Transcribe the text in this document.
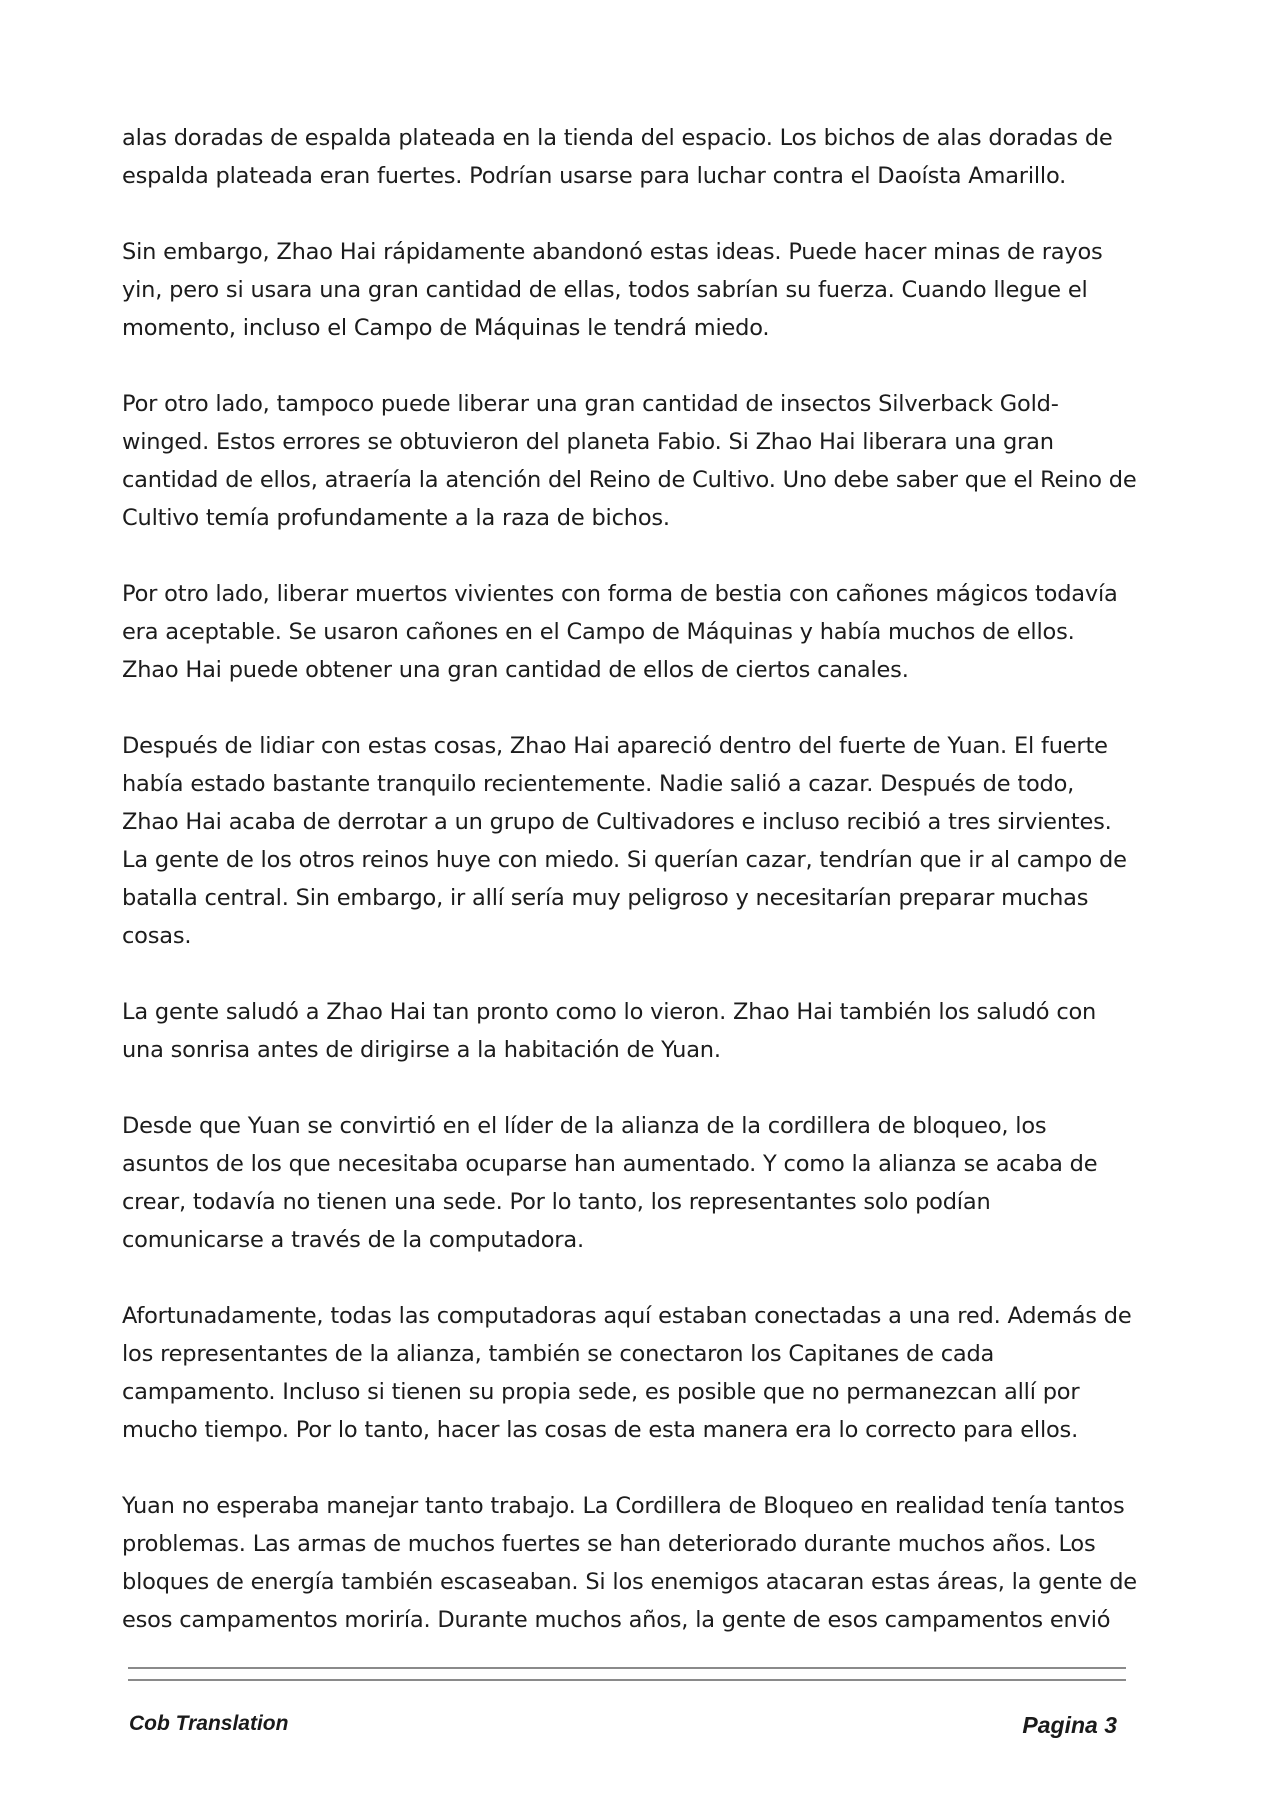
alas doradas de espalda plateada en la tienda del espacio. Los bichos de alas doradas de espalda plateada eran fuertes. Podrían usarse para luchar contra el Daoísta Amarillo.

Sin embargo, Zhao Hai rápidamente abandonó estas ideas. Puede hacer minas de rayos yin, pero si usara una gran cantidad de ellas, todos sabrían su fuerza. Cuando llegue el momento, incluso el Campo de Máquinas le tendrá miedo.

Por otro lado, tampoco puede liberar una gran cantidad de insectos Silverback Gold-winged. Estos errores se obtuvieron del planeta Fabio. Si Zhao Hai liberara una gran cantidad de ellos, atraería la atención del Reino de Cultivo. Uno debe saber que el Reino de Cultivo temía profundamente a la raza de bichos.

Por otro lado, liberar muertos vivientes con forma de bestia con cañones mágicos todavía era aceptable. Se usaron cañones en el Campo de Máquinas y había muchos de ellos. Zhao Hai puede obtener una gran cantidad de ellos de ciertos canales.

Después de lidiar con estas cosas, Zhao Hai apareció dentro del fuerte de Yuan. El fuerte había estado bastante tranquilo recientemente. Nadie salió a cazar. Después de todo, Zhao Hai acaba de derrotar a un grupo de Cultivadores e incluso recibió a tres sirvientes. La gente de los otros reinos huye con miedo. Si querían cazar, tendrían que ir al campo de batalla central. Sin embargo, ir allí sería muy peligroso y necesitarían preparar muchas cosas.

La gente saludó a Zhao Hai tan pronto como lo vieron. Zhao Hai también los saludó con una sonrisa antes de dirigirse a la habitación de Yuan.

Desde que Yuan se convirtió en el líder de la alianza de la cordillera de bloqueo, los asuntos de los que necesitaba ocuparse han aumentado. Y como la alianza se acaba de crear, todavía no tienen una sede. Por lo tanto, los representantes solo podían comunicarse a través de la computadora.

Afortunadamente, todas las computadoras aquí estaban conectadas a una red. Además de los representantes de la alianza, también se conectaron los Capitanes de cada campamento. Incluso si tienen su propia sede, es posible que no permanezcan allí por mucho tiempo. Por lo tanto, hacer las cosas de esta manera era lo correcto para ellos.

Yuan no esperaba manejar tanto trabajo. La Cordillera de Bloqueo en realidad tenía tantos problemas. Las armas de muchos fuertes se han deteriorado durante muchos años. Los bloques de energía también escaseaban. Si los enemigos atacaran estas áreas, la gente de esos campamentos moriría. Durante muchos años, la gente de esos campamentos envió

Cob Translation	Pagina 3
